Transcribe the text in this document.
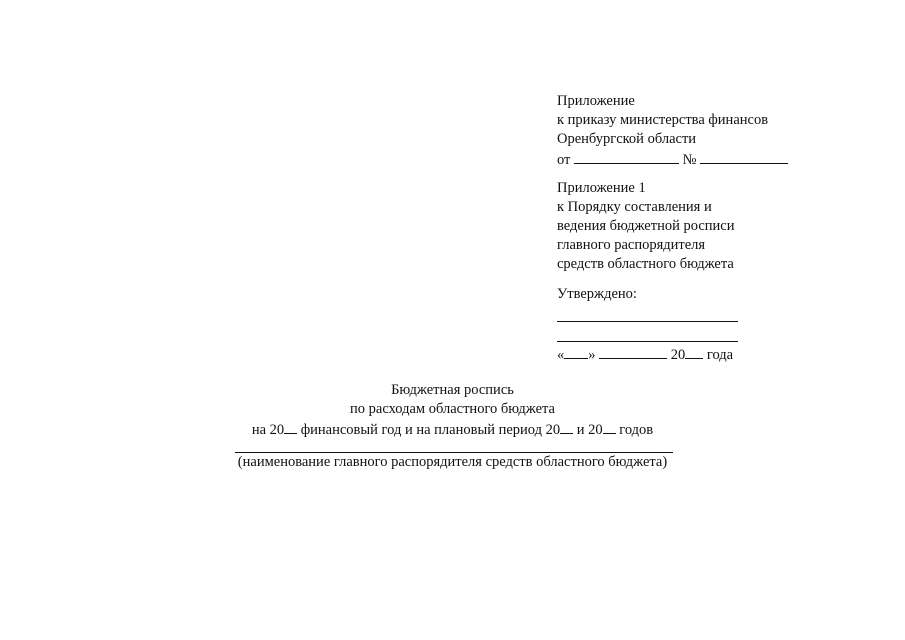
Приложение
к приказу министерства финансов
Оренбургской области
от	№
Приложение 1
к Порядку составления и
ведения бюджетной росписи
главного распорядителя
средств областного бюджета
Утверждено:
« »	20 года
Бюджетная роспись
по расходам областного бюджета
на 20 финансовый год и на плановый период 20 и 20 годов
(наименование главного распорядителя средств областного бюджета)
